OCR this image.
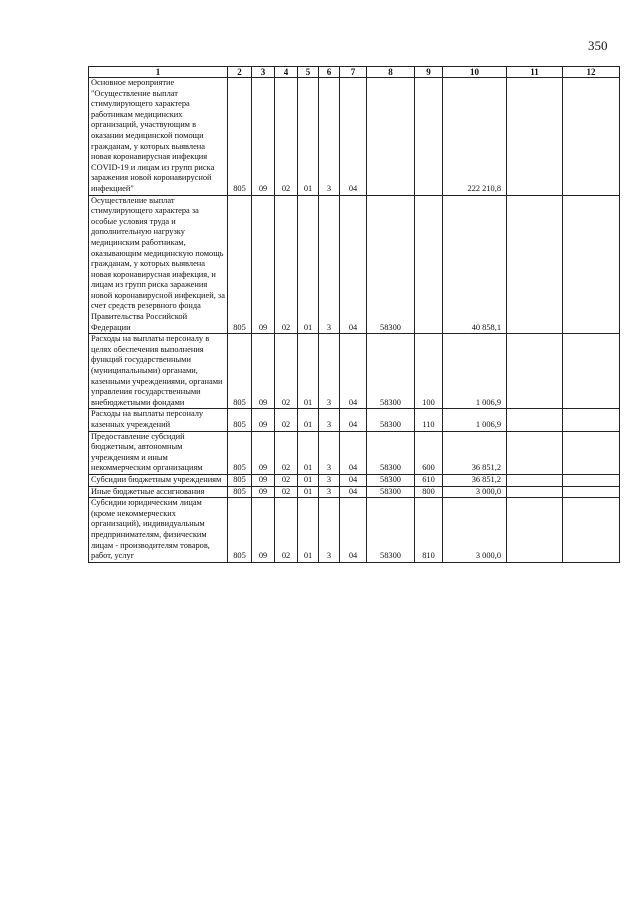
350
1	2	3	4	5	6	7	8	9	10	11	12
Основное мероприятие "Осуществление выплат стимулирующего характера работникам медицинских организаций, участвующим в оказании медицинской помощи гражданам, у которых выявлена новая коронавирусная инфекция COVID-19 и лицам из групп риска заражения новой коронавирусной инфекцией"	805	09	02	01	3	04			222 210,8		
Осуществление выплат стимулирующего характера за особые условия труда и дополнительную нагрузку медицинским работникам, оказывающим медицинскую помощь гражданам, у которых выявлена новая коронавирусная инфекция, и лицам из групп риска заражения новой коронавирусной инфекцией, за счет средств резервного фонда Правительства Российской Федерации	805	09	02	01	3	04	58300		40 858,1		
Расходы на выплаты персоналу в целях обеспечения выполнения функций государственными (муниципальными) органами, казенными учреждениями, органами управления государственными внебюджетными фондами	805	09	02	01	3	04	58300	100	1 006,9		
Расходы на выплаты персоналу казенных учреждений	805	09	02	01	3	04	58300	110	1 006,9		
Предоставление субсидий бюджетным, автономным учреждениям и иным некоммерческим организациям	805	09	02	01	3	04	58300	600	36 851,2		
Субсидии бюджетным учреждениям	805	09	02	01	3	04	58300	610	36 851,2		
Иные бюджетные ассигнования	805	09	02	01	3	04	58300	800	3 000,0		
Субсидии юридическим лицам (кроме некоммерческих организаций), индивидуальным предпринимателям, физическим лицам - производителям товаров, работ, услуг	805	09	02	01	3	04	58300	810	3 000,0		
